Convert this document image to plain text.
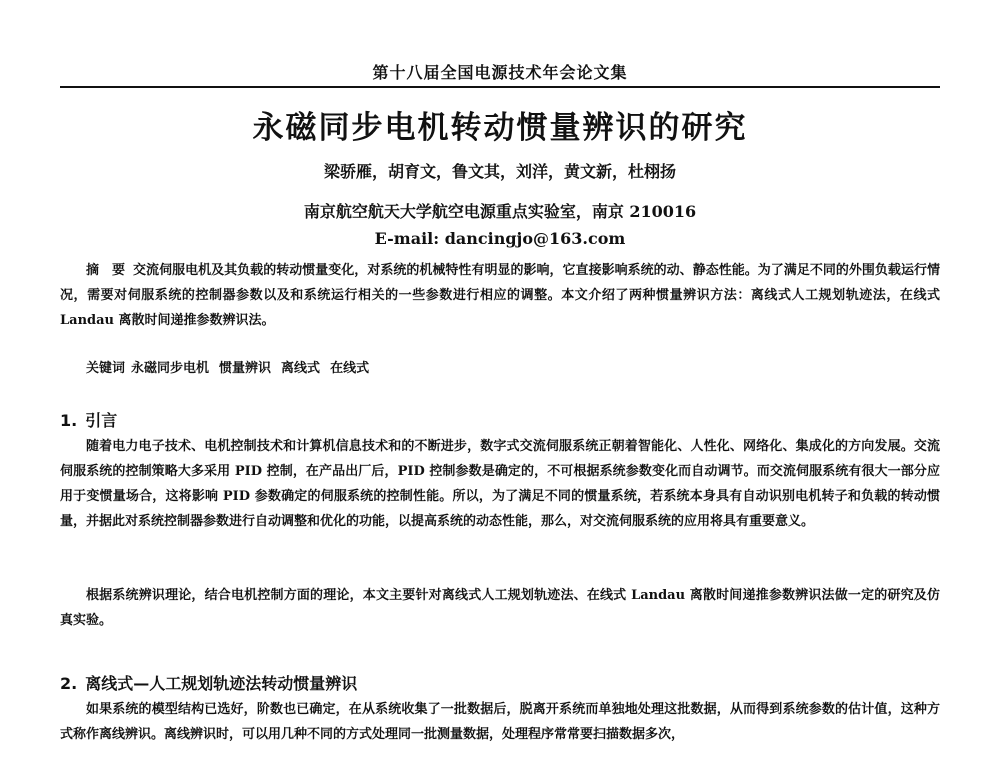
第十八届全国电源技术年会论文集
永磁同步电机转动惯量辨识的研究
梁骄雁，胡育文，鲁文其，刘洋，黄文新，杜栩扬
南京航空航天大学航空电源重点实验室，南京 210016
E-mail: dancingjo@163.com

摘　要 交流伺服电机及其负载的转动惯量变化，对系统的机械特性有明显的影响，它直接影响系统的动、静态性能。为了满足不同的外围负载运行情况，需要对伺服系统的控制器参数以及和系统运行相关的一些参数进行相应的调整。本文介绍了两种惯量辨识方法：离线式人工规划轨迹法，在线式 Landau 离散时间递推参数辨识法。

关键词 永磁同步电机 惯量辨识 离线式 在线式

1. 引言

随着电力电子技术、电机控制技术和计算机信息技术和的不断进步，数字式交流伺服系统正朝着智能化、人性化、网络化、集成化的方向发展。交流伺服系统的控制策略大多采用 PID 控制，在产品出厂后，PID 控制参数是确定的，不可根据系统参数变化而自动调节。而交流伺服系统有很大一部分应用于变惯量场合，这将影响 PID 参数确定的伺服系统的控制性能。所以，为了满足不同的惯量系统，若系统本身具有自动识别电机转子和负载的转动惯量，并据此对系统控制器参数进行自动调整和优化的功能，以提高系统的动态性能，那么，对交流伺服系统的应用将具有重要意义。

根据系统辨识理论，结合电机控制方面的理论，本文主要针对离线式人工规划轨迹法、在线式 Landau 离散时间递推参数辨识法做一定的研究及仿真实验。

2. 离线式—人工规划轨迹法转动惯量辨识

如果系统的模型结构已选好，阶数也已确定，在从系统收集了一批数据后，脱离开系统而单独地处理这批数据，从而得到系统参数的估计值，这种方式称作离线辨识。离线辨识时，可以用几种不同的方式处理同一批测量数据，处理程序常常要扫描数据多次，
